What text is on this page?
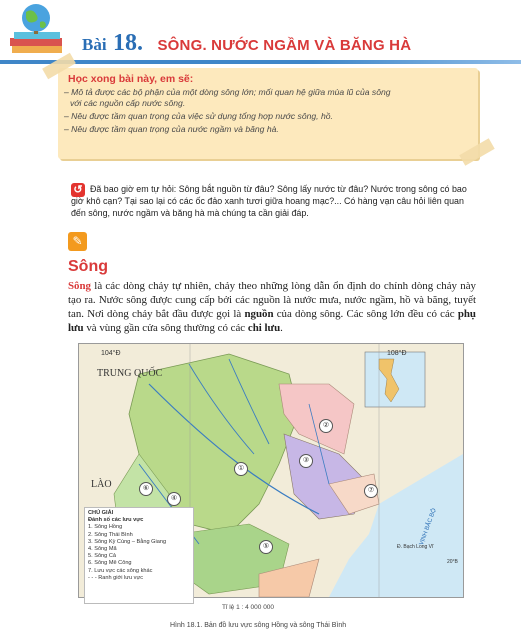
Bài 18. SÔNG. NƯỚC NGẦM VÀ BĂNG HÀ
Học xong bài này, em sẽ:
– Mô tả được các bộ phận của một dòng sông lớn; mối quan hệ giữa mùa lũ của sông
với các nguồn cấp nước sông.
– Nêu được tầm quan trọng của việc sử dụng tổng hợp nước sông, hồ.
– Nêu được tầm quan trọng của nước ngầm và băng hà.
↺ Đã bao giờ em tự hỏi: Sông bắt nguồn từ đâu? Sông lấy nước từ đâu? Nước trong sông có bao giờ khô cạn? Tại sao lại có các ốc đảo xanh tươi giữa hoang mạc?... Có hàng vạn câu hỏi liên quan đến sông, nước ngầm và băng hà mà chúng ta cần giải đáp.
✎
Sông
Sông là các dòng chảy tự nhiên, chảy theo những lòng dẫn ổn định do chính dòng chảy này tạo ra. Nước sông được cung cấp bởi các nguồn là nước mưa, nước ngầm, hồ và băng, tuyết tan. Nơi dòng chảy bắt đầu được gọi là nguồn của dòng sông. Các sông lớn đều có các phụ lưu và vùng gần cửa sông thường có các chi lưu.
104°Đ	108°Đ
TRUNG QUỐC
LÀO
VỊNH BẮC BỘ
Đ. Bạch Long Vĩ
20°B
①
②
③
④
⑤
⑥	⑦
CHÚ GIẢI
Đánh số các lưu vực
1. Sông Hồng
2. Sông Thái Bình
3. Sông Kỳ Cùng – Bằng Giang
4. Sông Mã
5. Sông Cả
6. Sông Mê Công
7. Lưu vực các sông khác
- - - Ranh giới lưu vực
Tỉ lệ 1 : 4 000 000
Hình 18.1. Bản đồ lưu vực sông Hồng và sông Thái Bình
